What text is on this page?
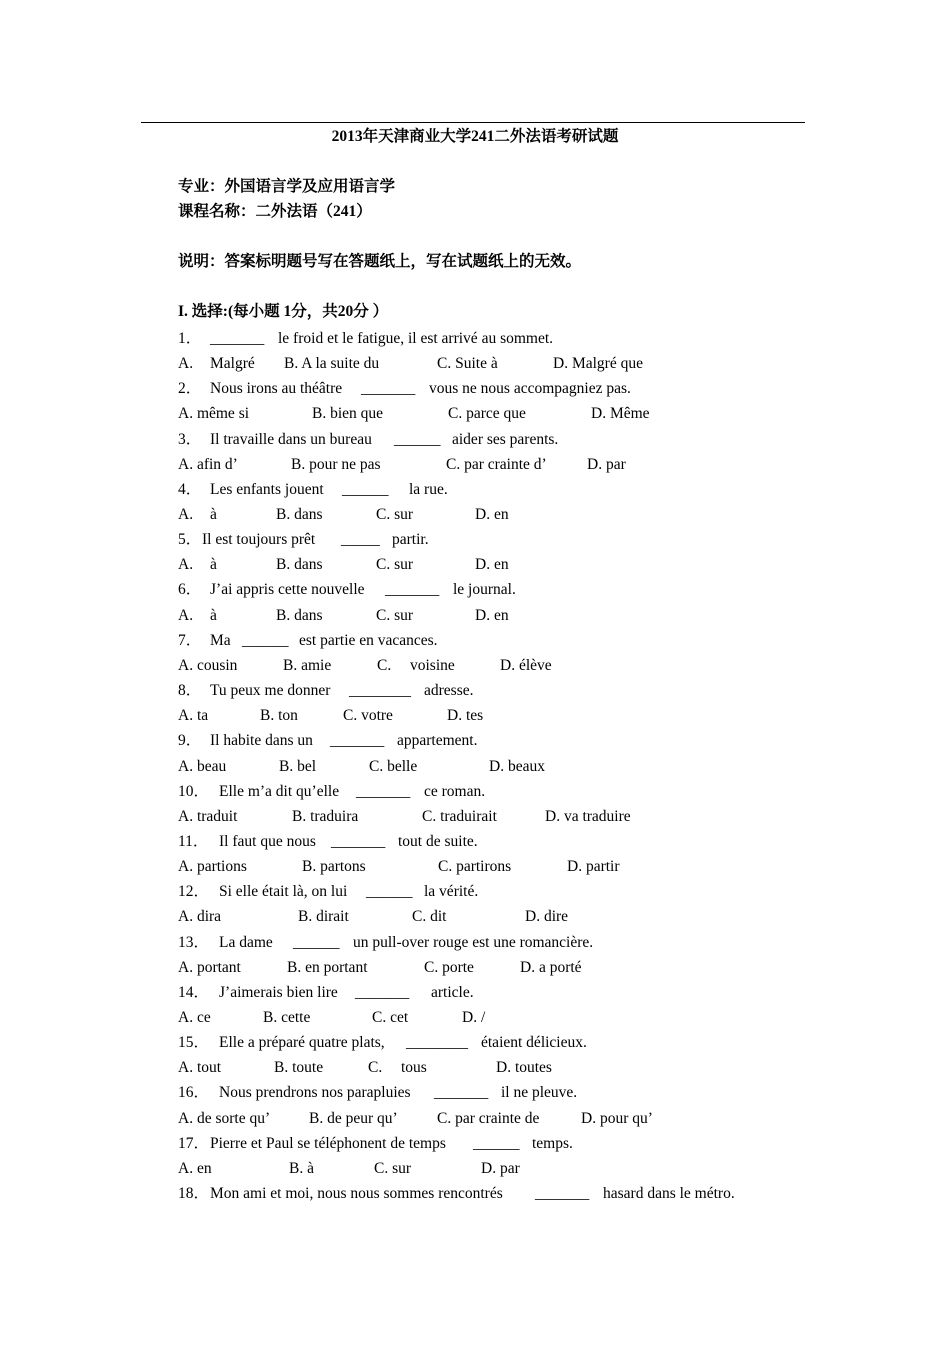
2013年天津商业大学241二外法语考研试题
专业：外国语言学及应用语言学
课程名称：二外法语（241）
说明：答案标明题号写在答题纸上，写在试题纸上的无效。
I. 选择:(每小题 1分，共20分 ）
1． _______ le froid et le fatigue, il est arrivé au sommet.
A. Malgré B. A la suite du	C. Suite à	D. Malgré que
2． Nous irons au théâtre _______ vous ne nous accompagniez pas.
A. même si	B. bien que	C. parce que	D. Même
3． Il travaille dans un bureau ______ aider ses parents.
A. afin d’	B. pour ne pas	C. par crainte d’	D. par
4． Les enfants jouent ______ la rue.
A. à	B. dans	C. sur	D. en
5． Il est toujours prêt _____ partir.
A. à	B. dans	C. sur	D. en
6． J’ai appris cette nouvelle _______ le journal.
A. à	B. dans	C. sur	D. en
7． Ma ______ est partie en vacances.
A. cousin	B. amie	C. voisine	D. élève
8． Tu peux me donner ________ adresse.
A. ta	B. ton	C. votre	D. tes
9． Il habite dans un _______ appartement.
A. beau	B. bel	C. belle	D. beaux
10． Elle m’a dit qu’elle _______ ce roman.
A. traduit	B. traduira	C. traduirait	D. va traduire
11． Il faut que nous _______ tout de suite.
A. partions	B. partons	C. partirons	D. partir
12． Si elle était là, on lui ______ la vérité.
A. dira	B. dirait	C. dit	D. dire
13． La dame ______ un pull-over rouge est une romancière.
A. portant	B. en portant	C. porte	D. a porté
14． J’aimerais bien lire _______ article.
A. ce	B. cette	C. cet	D. /
15． Elle a préparé quatre plats, ________ étaient délicieux.
A. tout	B. toute	C. tous	D. toutes
16． Nous prendrons nos parapluies _______ il ne pleuve.
A. de sorte qu’	B. de peur qu’	C. par crainte de	D. pour qu’
17． Pierre et Paul se téléphonent de temps ______ temps.
A. en	B. à	C. sur	D. par
18． Mon ami et moi, nous nous sommes rencontrés _______ hasard dans le métro.
